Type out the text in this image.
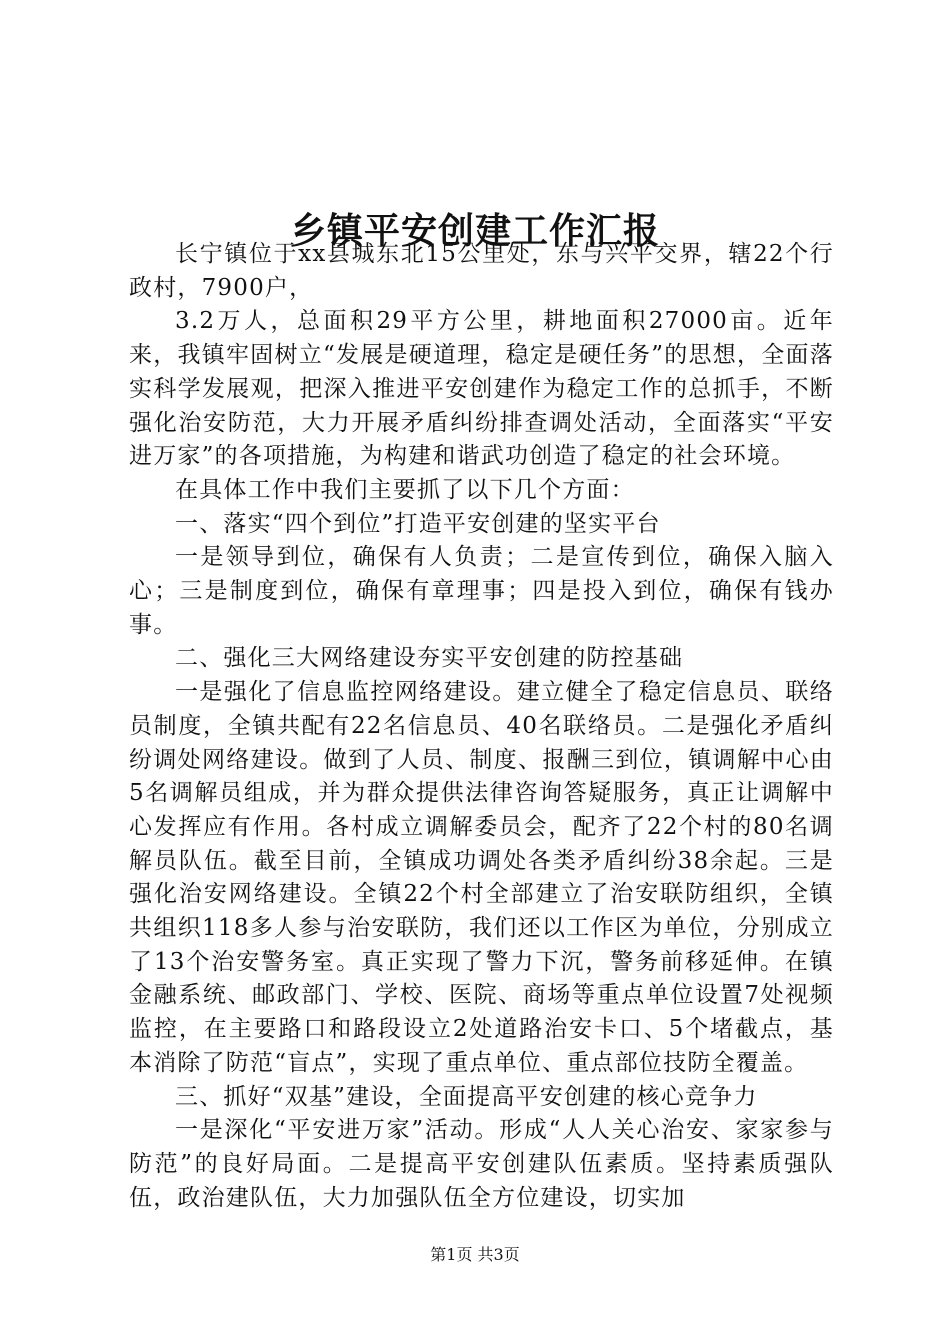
乡镇平安创建工作汇报

长宁镇位于xx县城东北15公里处，东与兴平交界，辖22个行政村，7900户，

3.2万人，总面积29平方公里，耕地面积27000亩。近年来，我镇牢固树立“发展是硬道理，稳定是硬任务”的思想，全面落实科学发展观，把深入推进平安创建作为稳定工作的总抓手，不断强化治安防范，大力开展矛盾纠纷排查调处活动，全面落实“平安进万家”的各项措施，为构建和谐武功创造了稳定的社会环境。

在具体工作中我们主要抓了以下几个方面：

一、落实“四个到位”打造平安创建的坚实平台

一是领导到位，确保有人负责；二是宣传到位，确保入脑入心；三是制度到位，确保有章理事；四是投入到位，确保有钱办事。

二、强化三大网络建设夯实平安创建的防控基础

一是强化了信息监控网络建设。建立健全了稳定信息员、联络员制度，全镇共配有22名信息员、40名联络员。二是强化矛盾纠纷调处网络建设。做到了人员、制度、报酬三到位，镇调解中心由5名调解员组成，并为群众提供法律咨询答疑服务，真正让调解中心发挥应有作用。各村成立调解委员会，配齐了22个村的80名调解员队伍。截至目前，全镇成功调处各类矛盾纠纷38余起。三是强化治安网络建设。全镇22个村全部建立了治安联防组织，全镇共组织118多人参与治安联防，我们还以工作区为单位，分别成立了13个治安警务室。真正实现了警力下沉，警务前移延伸。在镇金融系统、邮政部门、学校、医院、商场等重点单位设置7处视频监控，在主要路口和路段设立2处道路治安卡口、5个堵截点，基本消除了防范“盲点”，实现了重点单位、重点部位技防全覆盖。

三、抓好“双基”建设，全面提高平安创建的核心竞争力

一是深化“平安进万家”活动。形成“人人关心治安、家家参与防范”的良好局面。二是提高平安创建队伍素质。坚持素质强队伍，政治建队伍，大力加强队伍全方位建设，切实加

第1页 共3页
